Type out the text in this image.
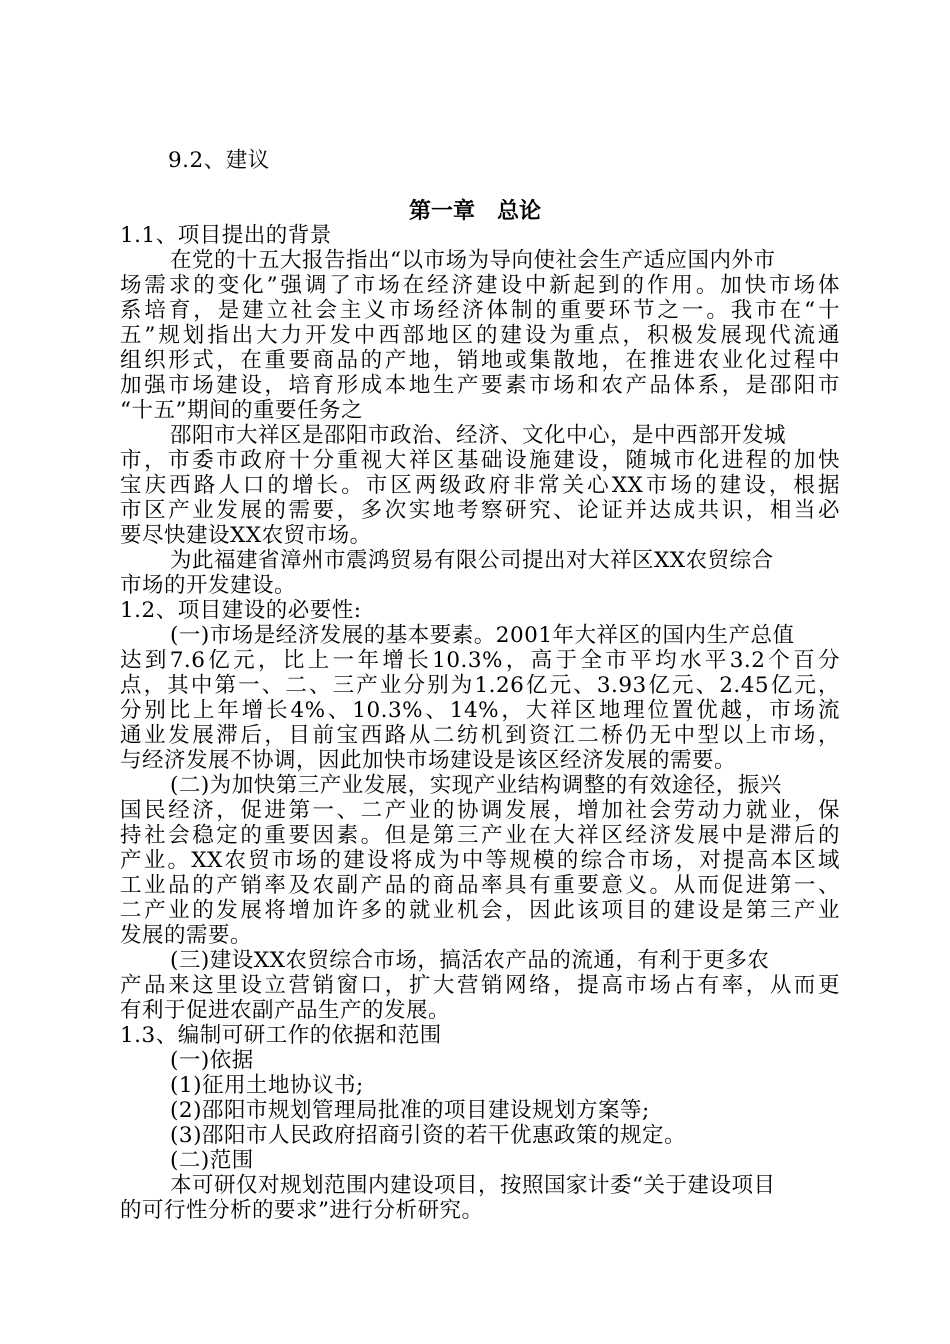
9.2、建议
第一章　总论
1.1、项目提出的背景
在党的十五大报告指出“以市场为导向使社会生产适应国内外市
场需求的变化”强调了市场在经济建设中新起到的作用。加快市场体
系培育，是建立社会主义市场经济体制的重要环节之一。我市在“十
五”规划指出大力开发中西部地区的建设为重点，积极发展现代流通
组织形式，在重要商品的产地，销地或集散地，在推进农业化过程中
加强市场建设，培育形成本地生产要素市场和农产品体系，是邵阳市
“十五”期间的重要任务之
邵阳市大祥区是邵阳市政治、经济、文化中心，是中西部开发城
市，市委市政府十分重视大祥区基础设施建设，随城市化进程的加快
宝庆西路人口的增长。市区两级政府非常关心XX市场的建设，根据
市区产业发展的需要，多次实地考察研究、论证并达成共识，相当必
要尽快建设XX农贸市场。
为此福建省漳州市震鸿贸易有限公司提出对大祥区XX农贸综合
市场的开发建设。
1.2、项目建设的必要性:
(一)市场是经济发展的基本要素。2001年大祥区的国内生产总值
达到7.6亿元，比上一年增长10.3%，高于全市平均水平3.2个百分
点，其中第一、二、三产业分别为1.26亿元、3.93亿元、2.45亿元，
分别比上年增长4%、10.3%、14%，大祥区地理位置优越，市场流
通业发展滞后，目前宝西路从二纺机到资江二桥仍无中型以上市场，
与经济发展不协调，因此加快市场建设是该区经济发展的需要。
(二)为加快第三产业发展，实现产业结构调整的有效途径，振兴
国民经济，促进第一、二产业的协调发展，增加社会劳动力就业，保
持社会稳定的重要因素。但是第三产业在大祥区经济发展中是滞后的
产业。XX农贸市场的建设将成为中等规模的综合市场，对提高本区域
工业品的产销率及农副产品的商品率具有重要意义。从而促进第一、
二产业的发展将增加许多的就业机会，因此该项目的建设是第三产业
发展的需要。
(三)建设XX农贸综合市场，搞活农产品的流通，有利于更多农
产品来这里设立营销窗口，扩大营销网络，提高市场占有率，从而更
有利于促进农副产品生产的发展。
1.3、编制可研工作的依据和范围
(一)依据
(1)征用土地协议书;
(2)邵阳市规划管理局批准的项目建设规划方案等;
(3)邵阳市人民政府招商引资的若干优惠政策的规定。
(二)范围
本可研仅对规划范围内建设项目，按照国家计委“关于建设项目
的可行性分析的要求”进行分析研究。
